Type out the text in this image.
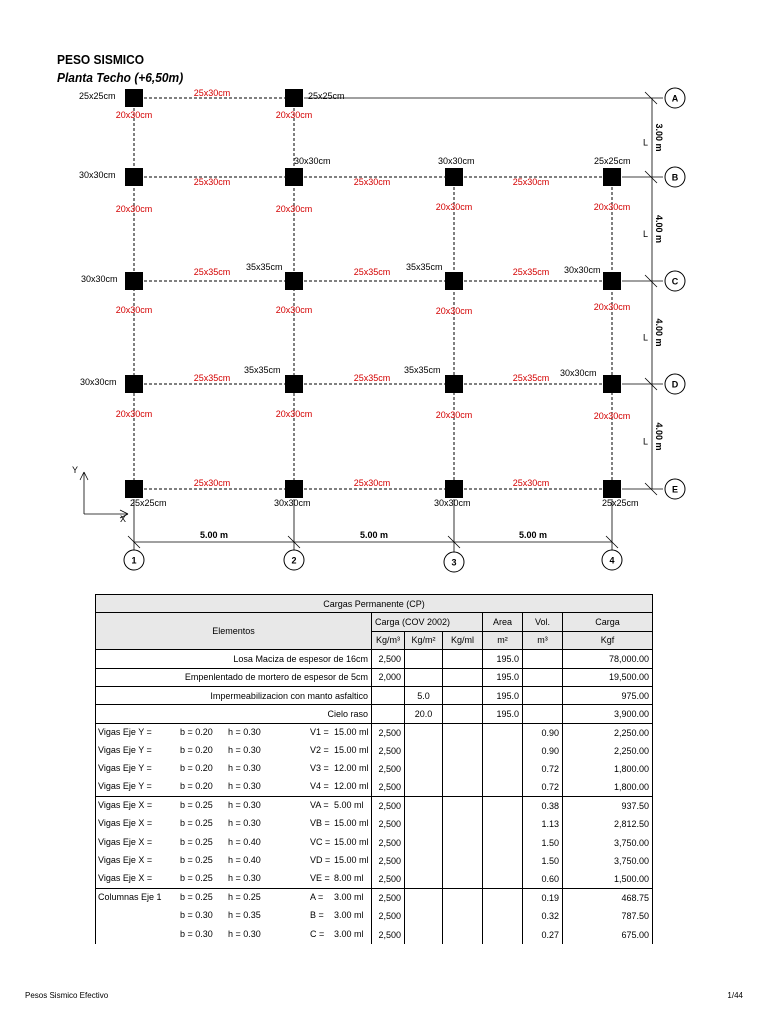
PESO SISMICO
Planta Techo (+6,50m)
A
B
C
D
E
3.00 m
L
4.00 m
L
4.00 m
L
4.00 m
L
1	2	3	4
5.00 m	5.00 m	5.00 m
25x25cm	25x25cm
30x30cm
30x30cm	30x30cm	25x25cm
30x30cm
35x35cm	35x35cm	30x30cm
30x30cm
35x35cm	35x35cm	30x30cm
25x25cm	30x30cm	30x30cm	25x25cm
25x30cm
25x30cm	25x30cm	25x30cm
25x35cm	25x35cm	25x35cm
25x35cm	25x35cm	25x35cm
25x30cm	25x30cm	25x30cm
20x30cm	20x30cm
20x30cm	20x30cm	20x30cm	20x30cm
20x30cm	20x30cm	20x30cm	20x30cm
20x30cm	20x30cm	20x30cm	20x30cm
Y
X
Cargas Permanente (CP)						
Elementos	Carga (COV 2002)			Area	Vol.	Carga
	Kg/m³	Kg/m²	Kg/ml	m²	m³	Kgf
Losa Maciza de espesor de 16cm	2,500			195.0		78,000.00
Empenlentado de mortero de espesor de 5cm	2,000			195.0		19,500.00
Impermeabilizacion con manto asfaltico		5.0		195.0		975.00
Cielo raso		20.0		195.0		3,900.00

Vigas Eje Y = b = 0.20 h = 0.30 V1 = 15.00 ml	2,500				0.90	2,250.00

Vigas Eje Y = b = 0.20 h = 0.30 V2 = 15.00 ml	2,500				0.90	2,250.00

Vigas Eje Y = b = 0.20 h = 0.30 V3 = 12.00 ml	2,500				0.72	1,800.00

Vigas Eje Y = b = 0.20 h = 0.30 V4 = 12.00 ml	2,500				0.72	1,800.00

Vigas Eje X = b = 0.25 h = 0.30 VA = 5.00 ml	2,500				0.38	937.50

Vigas Eje X = b = 0.25 h = 0.30 VB = 15.00 ml	2,500				1.13	2,812.50

Vigas Eje X = b = 0.25 h = 0.40 VC = 15.00 ml	2,500				1.50	3,750.00

Vigas Eje X = b = 0.25 h = 0.40 VD = 15.00 ml	2,500				1.50	3,750.00

Vigas Eje X = b = 0.25 h = 0.30 VE = 8.00 ml	2,500				0.60	1,500.00

Columnas Eje 1 b = 0.25 h = 0.25 A = 3.00 ml	2,500				0.19	468.75

b = 0.30 h = 0.35 B = 3.00 ml	2,500				0.32	787.50

b = 0.30 h = 0.30 C = 3.00 ml	2,500				0.27	675.00
Pesos Sismico Efectivo	1/44
